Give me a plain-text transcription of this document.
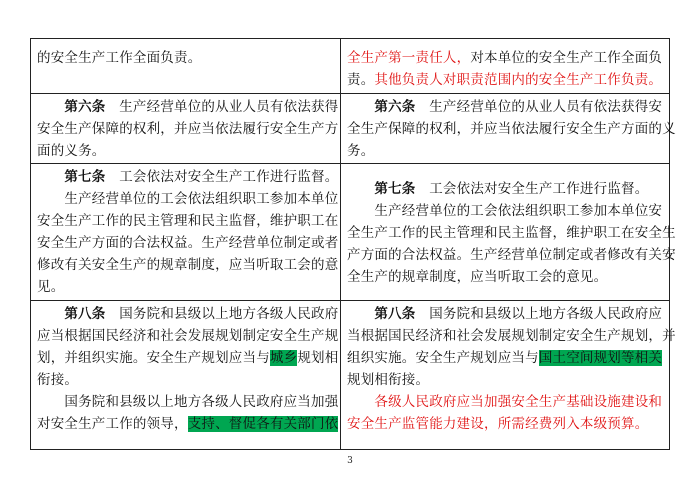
的安全生产工作全面负责。	全生产第一责任人，对本单位的安全生产工作全面负

责。其他负责人对职责范围内的安全生产工作负责。

　　第六条　生产经营单位的从业人员有依法获得

安全生产保障的权利，并应当依法履行安全生产方

面的义务。

　　第六条　生产经营单位的从业人员有依法获得安

全生产保障的权利，并应当依法履行安全生产方面的义

务。

　　第七条　工会依法对安全生产工作进行监督。

　　生产经营单位的工会依法组织职工参加本单位

安全生产工作的民主管理和民主监督，维护职工在

安全生产方面的合法权益。生产经营单位制定或者

修改有关安全生产的规章制度，应当听取工会的意

见。

　　第七条　工会依法对安全生产工作进行监督。

　　生产经营单位的工会依法组织职工参加本单位安

全生产工作的民主管理和民主监督，维护职工在安全生

产方面的合法权益。生产经营单位制定或者修改有关安

全生产的规章制度，应当听取工会的意见。

　　第八条　国务院和县级以上地方各级人民政府

应当根据国民经济和社会发展规划制定安全生产规

划，并组织实施。安全生产规划应当与城乡规划相

衔接。

　　国务院和县级以上地方各级人民政府应当加强

对安全生产工作的领导，支持、督促各有关部门依

　　第八条　国务院和县级以上地方各级人民政府应

当根据国民经济和社会发展规划制定安全生产规划，并

组织实施。安全生产规划应当与国土空间规划等相关

规划相衔接。

　　各级人民政府应当加强安全生产基础设施建设和

安全生产监管能力建设，所需经费列入本级预算。

3
